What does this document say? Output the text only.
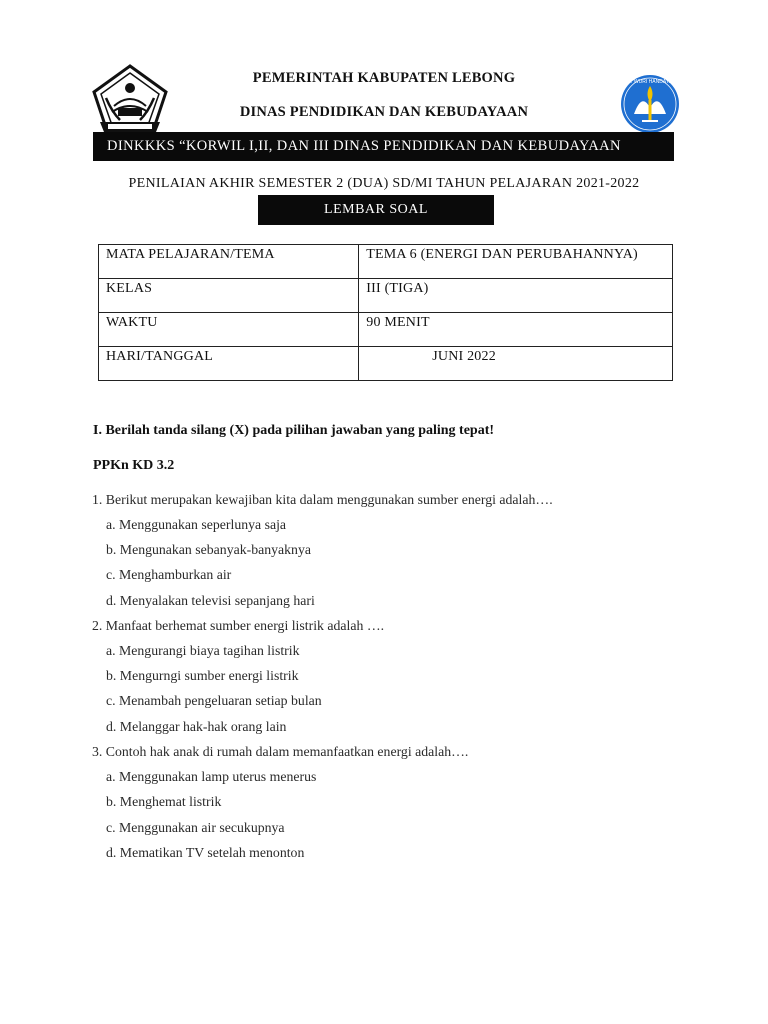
TUT WURI HANDAYANI
PEMERINTAH KABUPATEN LEBONG
DINAS PENDIDIKAN DAN KEBUDAYAAN
DINKKKS “KORWIL I,II, DAN III DINAS PENDIDIKAN DAN KEBUDAYAAN
PENILAIAN AKHIR SEMESTER 2 (DUA) SD/MI TAHUN PELAJARAN 2021-2022
LEMBAR SOAL
MATA PELAJARAN/TEMA	TEMA 6 (ENERGI DAN PERUBAHANNYA)
KELAS	III (TIGA)
WAKTU	90 MENIT
HARI/TANGGAL	JUNI 2022
I. Berilah tanda silang (X) pada pilihan jawaban yang paling tepat!
PPKn KD 3.2
1. Berikut merupakan kewajiban kita dalam menggunakan sumber energi adalah….
a. Menggunakan seperlunya saja
b. Mengunakan sebanyak-banyaknya
c. Menghamburkan air
d. Menyalakan televisi sepanjang hari
2. Manfaat berhemat sumber energi listrik adalah ….
a. Mengurangi biaya tagihan listrik
b. Mengurngi sumber energi listrik
c. Menambah pengeluaran setiap bulan
d. Melanggar hak-hak orang lain
3. Contoh hak anak di rumah dalam memanfaatkan energi adalah….
a. Menggunakan lamp uterus menerus
b. Menghemat listrik
c. Menggunakan air secukupnya
d. Mematikan TV setelah menonton
